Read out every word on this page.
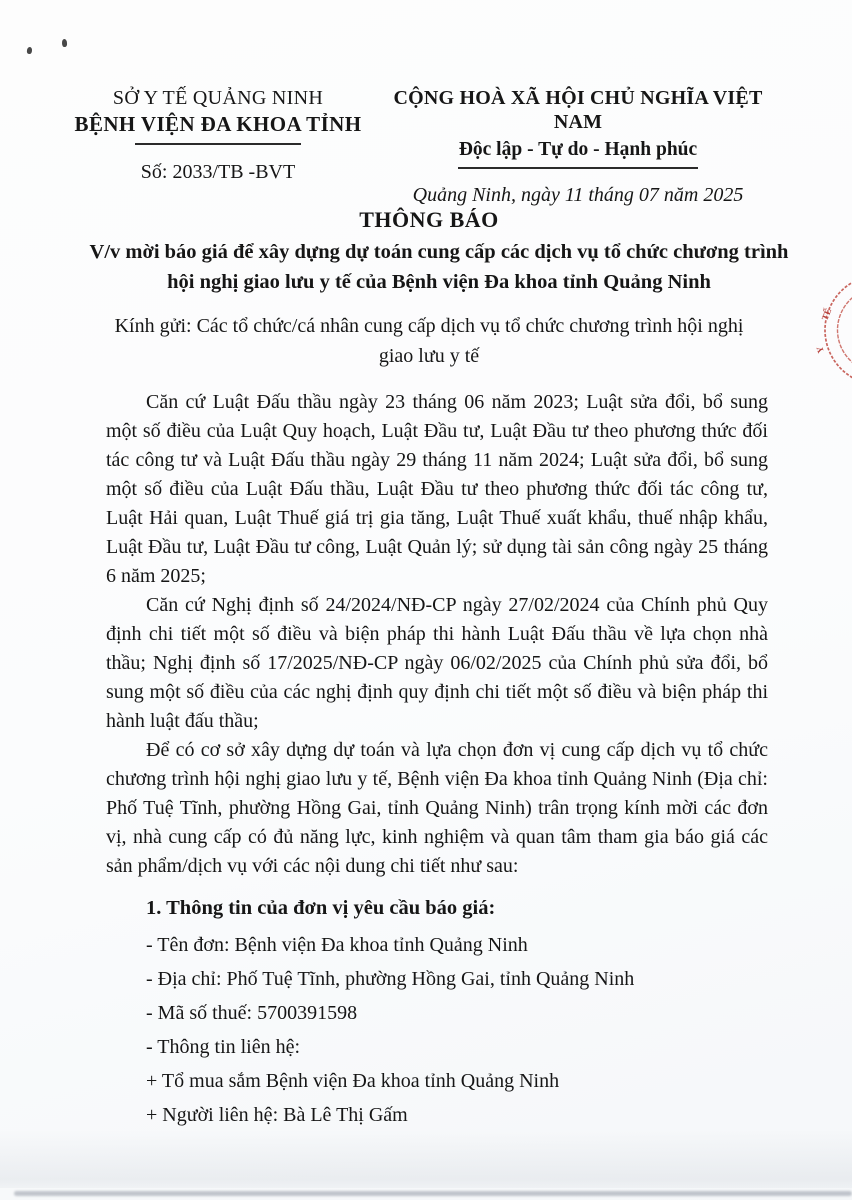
SỞ Y TẾ QUẢNG NINH
BỆNH VIỆN ĐA KHOA TỈNH
Số: 2033/TB -BVT
CỘNG HOÀ XÃ HỘI CHỦ NGHĨA VIỆT NAM
Độc lập - Tự do - Hạnh phúc
Quảng Ninh, ngày 11 tháng 07 năm 2025
THÔNG BÁO
V/v mời báo giá để xây dựng dự toán cung cấp các dịch vụ tổ chức chương trình hội nghị giao lưu y tế của Bệnh viện Đa khoa tỉnh Quảng Ninh
Kính gửi: Các tổ chức/cá nhân cung cấp dịch vụ tổ chức chương trình hội nghị giao lưu y tế

Căn cứ Luật Đấu thầu ngày 23 tháng 06 năm 2023; Luật sửa đổi, bổ sung một số điều của Luật Quy hoạch, Luật Đầu tư, Luật Đầu tư theo phương thức đối tác công tư và Luật Đấu thầu ngày 29 tháng 11 năm 2024; Luật sửa đổi, bổ sung một số điều của Luật Đấu thầu, Luật Đầu tư theo phương thức đối tác công tư, Luật Hải quan, Luật Thuế giá trị gia tăng, Luật Thuế xuất khẩu, thuế nhập khẩu, Luật Đầu tư, Luật Đầu tư công, Luật Quản lý; sử dụng tài sản công ngày 25 tháng 6 năm 2025;

Căn cứ Nghị định số 24/2024/NĐ-CP ngày 27/02/2024 của Chính phủ Quy định chi tiết một số điều và biện pháp thi hành Luật Đấu thầu về lựa chọn nhà thầu; Nghị định số 17/2025/NĐ-CP ngày 06/02/2025 của Chính phủ sửa đổi, bổ sung một số điều của các nghị định quy định chi tiết một số điều và biện pháp thi hành luật đấu thầu;

Để có cơ sở xây dựng dự toán và lựa chọn đơn vị cung cấp dịch vụ tổ chức chương trình hội nghị giao lưu y tế, Bệnh viện Đa khoa tỉnh Quảng Ninh (Địa chỉ: Phố Tuệ Tĩnh, phường Hồng Gai, tỉnh Quảng Ninh) trân trọng kính mời các đơn vị, nhà cung cấp có đủ năng lực, kinh nghiệm và quan tâm tham gia báo giá các sản phẩm/dịch vụ với các nội dung chi tiết như sau:

1. Thông tin của đơn vị yêu cầu báo giá:
- Tên đơn: Bệnh viện Đa khoa tỉnh Quảng Ninh
- Địa chỉ: Phố Tuệ Tĩnh, phường Hồng Gai, tỉnh Quảng Ninh
- Mã số thuế: 5700391598
- Thông tin liên hệ:
+ Tổ mua sắm Bệnh viện Đa khoa tỉnh Quảng Ninh
+ Người liên hệ: Bà Lê Thị Gấm
TẾ
Y
